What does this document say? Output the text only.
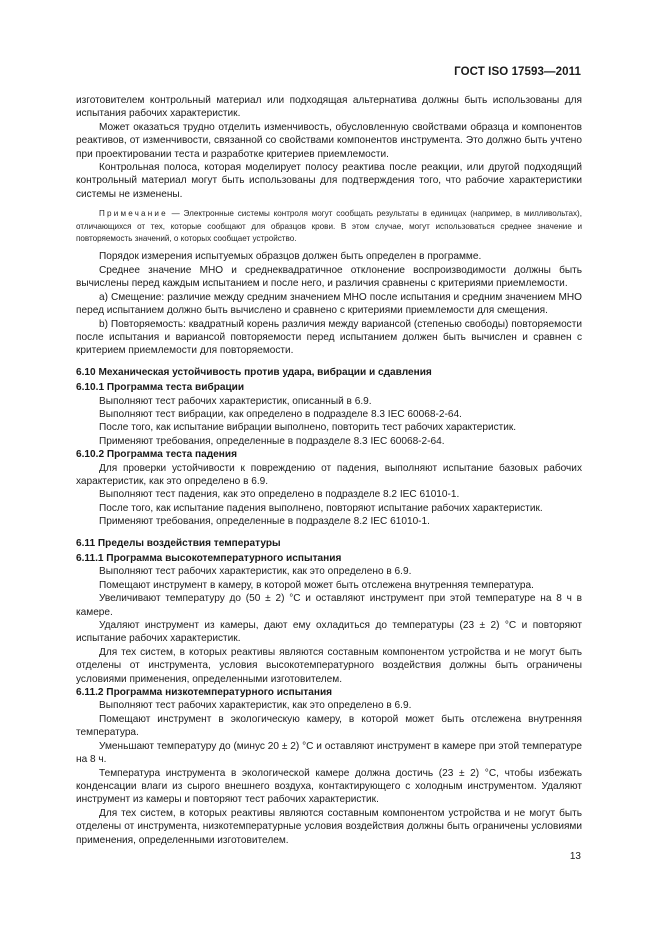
ГОСТ ISO 17593—2011

изготовителем контрольный материал или подходящая альтернатива должны быть использованы для испытания рабочих характеристик.

Может оказаться трудно отделить изменчивость, обусловленную свойствами образца и компонентов реактивов, от изменчивости, связанной со свойствами компонентов инструмента. Это должно быть учтено при проектировании теста и разработке критериев приемлемости.

Контрольная полоса, которая моделирует полосу реактива после реакции, или другой подходящий контрольный материал могут быть использованы для подтверждения того, что рабочие характеристики системы не изменены.

Примечание — Электронные системы контроля могут сообщать результаты в единицах (например, в милливольтах), отличающихся от тех, которые сообщают для образцов крови. В этом случае, могут использоваться среднее значение и повторяемость значений, о которых сообщает устройство.

Порядок измерения испытуемых образцов должен быть определен в программе.

Среднее значение МНО и среднеквадратичное отклонение воспроизводимости должны быть вычислены перед каждым испытанием и после него, и различия сравнены с критериями приемлемости.

a) Смещение: различие между средним значением МНО после испытания и средним значением МНО перед испытанием должно быть вычислено и сравнено с критериями приемлемости для смещения.

b) Повторяемость: квадратный корень различия между варианcой (степенью свободы) повторяемости после испытания и варианcой повторяемости перед испытанием должен быть вычислен и сравнен с критерием приемлемости для повторяемости.

6.10 Механическая устойчивость против удара, вибрации и сдавления
6.10.1 Программа теста вибрации

Выполняют тест рабочих характеристик, описанный в 6.9.

Выполняют тест вибрации, как определено в подразделе 8.3 IEC 60068-2-64.

После того, как испытание вибрации выполнено, повторить тест рабочих характеристик.

Применяют требования, определенные в подразделе 8.3 IEC 60068-2-64.

6.10.2 Программа теста падения

Для проверки устойчивости к повреждению от падения, выполняют испытание базовых рабочих характеристик, как это определено в 6.9.

Выполняют тест падения, как это определено в подразделе 8.2 IEC 61010-1.

После того, как испытание падения выполнено, повторяют испытание рабочих характеристик.

Применяют требования, определенные в подразделе 8.2 IEC 61010-1.

6.11 Пределы воздействия температуры
6.11.1 Программа высокотемпературного испытания

Выполняют тест рабочих характеристик, как это определено в 6.9.

Помещают инструмент в камеру, в которой может быть отслежена внутренняя температура.

Увеличивают температуру до (50 ± 2) °С и оставляют инструмент при этой температуре на 8 ч в камере.

Удаляют инструмент из камеры, дают ему охладиться до температуры (23 ± 2) °С и повторяют испытание рабочих характеристик.

Для тех систем, в которых реактивы являются составным компонентом устройства и не могут быть отделены от инструмента, условия высокотемпературного воздействия должны быть ограничены условиями применения, определенными изготовителем.

6.11.2 Программа низкотемпературного испытания

Выполняют тест рабочих характеристик, как это определено в 6.9.

Помещают инструмент в экологическую камеру, в которой может быть отслежена внутренняя температура.

Уменьшают температуру до (минус 20 ± 2) °С и оставляют инструмент в камере при этой температуре на 8 ч.

Температура инструмента в экологической камере должна достичь (23 ± 2) °С, чтобы избежать конденсации влаги из сырого внешнего воздуха, контактирующего с холодным инструментом. Удаляют инструмент из камеры и повторяют тест рабочих характеристик.

Для тех систем, в которых реактивы являются составным компонентом устройства и не могут быть отделены от инструмента, низкотемпературные условия воздействия должны быть ограничены условиями применения, определенными изготовителем.

13
